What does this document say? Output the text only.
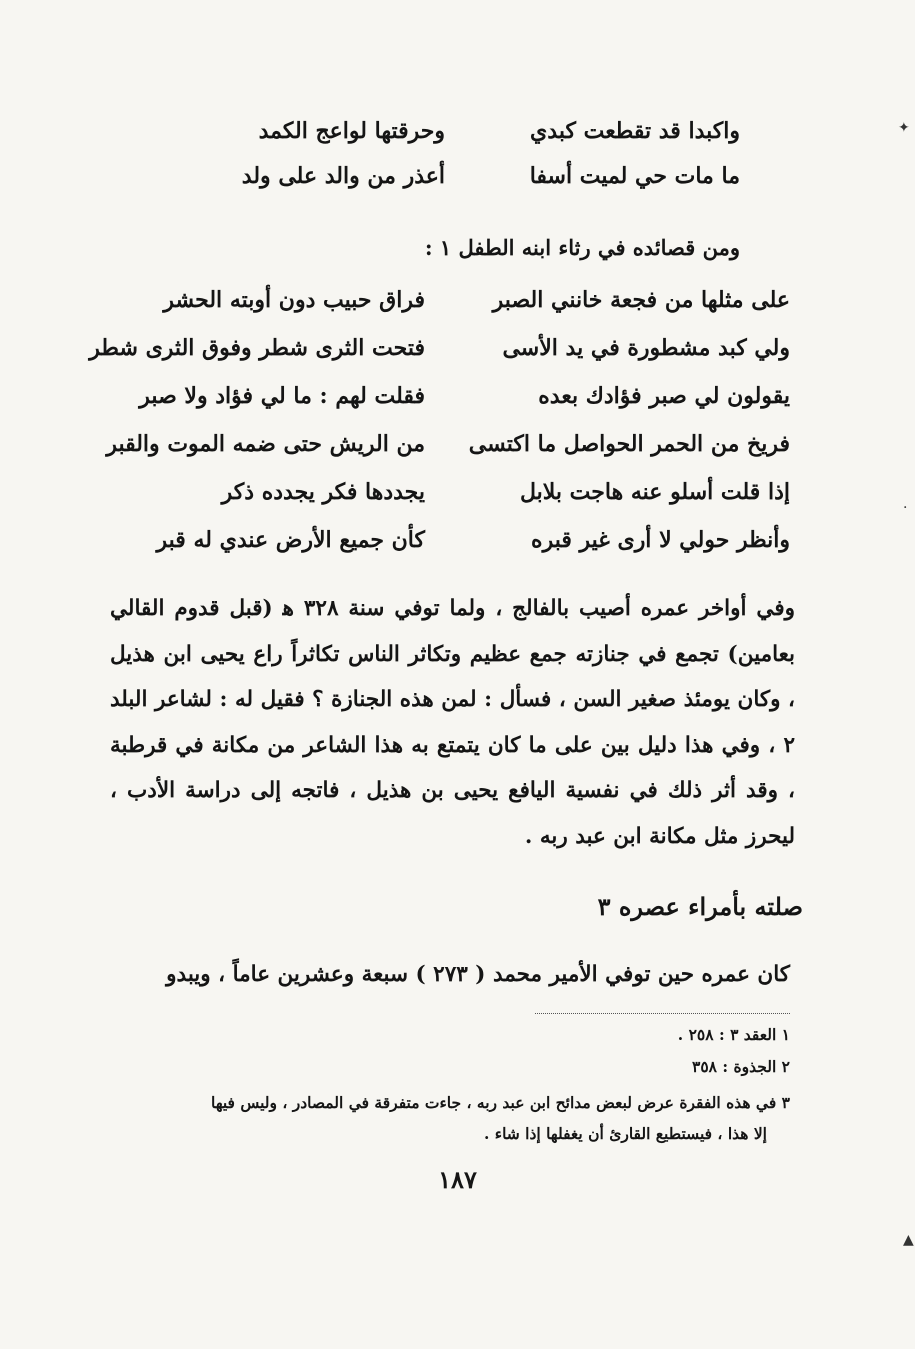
✦
واكبدا قد تقطعت كبدي
وحرقتها لواعج الكمد
ما مات حي لميت أسفا
أعذر من والد على ولد
ومن قصائده في رثاء ابنه الطفل ١ :
على مثلها من فجعة خانني الصبر
فراق حبيب دون أوبته الحشر
ولي كبد مشطورة في يد الأسى
فتحت الثرى شطر وفوق الثرى شطر
يقولون لي صبر فؤادك بعده
فقلت لهم : ما لي فؤاد ولا صبر
فريخ من الحمر الحواصل ما اكتسى
من الريش حتى ضمه الموت والقبر
إذا قلت أسلو عنه هاجت بلابل
يجددها فكر يجدده ذكر
وأنظر حولي لا أرى غير قبره
كأن جميع الأرض عندي له قبر

وفي أواخر عمره أصيب بالفالج ، ولما توفي سنة ٣٢٨ ﻫ (قبل قدوم القالي بعامين) تجمع في جنازته جمع عظيم وتكاثر الناس تكاثراً راع يحيى ابن هذيل ، وكان يومئذ صغير السن ، فسأل : لمن هذه الجنازة ؟ فقيل له : لشاعر البلد ٢ ، وفي هذا دليل بين على ما كان يتمتع به هذا الشاعر من مكانة في قرطبة ، وقد أثر ذلك في نفسية اليافع يحيى بن هذيل ، فاتجه إلى دراسة الأدب ، ليحرز مثل مكانة ابن عبد ربه .

·
صلته بأمراء عصره ٣
كان عمره حين توفي الأمير محمد ( ٢٧٣ ) سبعة وعشرين عاماً ، ويبدو
١ العقد ٣ : ٢٥٨ .
٢ الجذوة : ٣٥٨
٣ في هذه الفقرة عرض لبعض مدائح ابن عبد ربه ، جاءت متفرقة في المصادر ، وليس فيها
إلا هذا ، فيستطيع القارئ أن يغفلها إذا شاء .
١٨٧
▲
